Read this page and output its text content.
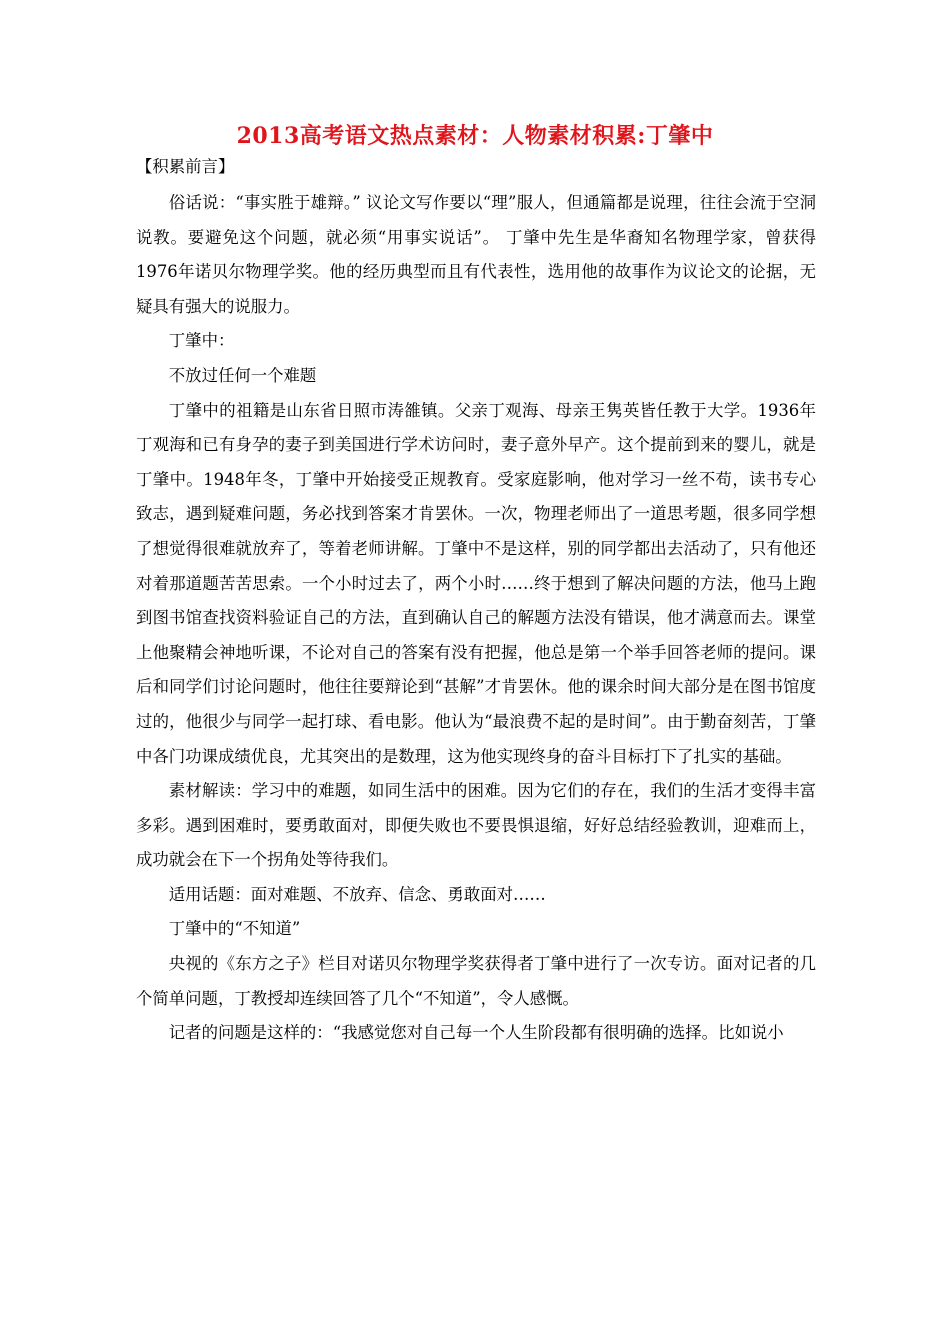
2013高考语文热点素材：人物素材积累:丁肇中

【积累前言】

俗话说：“事实胜于雄辩。” 议论文写作要以“理”服人，但通篇都是说理，往往会流于空洞说教。要避免这个问题，就必须“用事实说话”。 丁肇中先生是华裔知名物理学家，曾获得1976年诺贝尔物理学奖。他的经历典型而且有代表性，选用他的故事作为议论文的论据，无疑具有强大的说服力。

丁肇中：

不放过任何一个难题

丁肇中的祖籍是山东省日照市涛雒镇。父亲丁观海、母亲王隽英皆任教于大学。1936年丁观海和已有身孕的妻子到美国进行学术访问时，妻子意外早产。这个提前到来的婴儿，就是丁肇中。1948年冬，丁肇中开始接受正规教育。受家庭影响，他对学习一丝不苟，读书专心致志，遇到疑难问题，务必找到答案才肯罢休。一次，物理老师出了一道思考题，很多同学想了想觉得很难就放弃了，等着老师讲解。丁肇中不是这样，别的同学都出去活动了，只有他还对着那道题苦苦思索。一个小时过去了，两个小时……终于想到了解决问题的方法，他马上跑到图书馆查找资料验证自己的方法，直到确认自己的解题方法没有错误，他才满意而去。课堂上他聚精会神地听课，不论对自己的答案有没有把握，他总是第一个举手回答老师的提问。课后和同学们讨论问题时，他往往要辩论到“甚解”才肯罢休。他的课余时间大部分是在图书馆度过的，他很少与同学一起打球、看电影。他认为“最浪费不起的是时间”。由于勤奋刻苦，丁肇中各门功课成绩优良，尤其突出的是数理，这为他实现终身的奋斗目标打下了扎实的基础。

素材解读：学习中的难题，如同生活中的困难。因为它们的存在，我们的生活才变得丰富多彩。遇到困难时，要勇敢面对，即便失败也不要畏惧退缩，好好总结经验教训，迎难而上，成功就会在下一个拐角处等待我们。

适用话题：面对难题、不放弃、信念、勇敢面对……

丁肇中的“不知道”

央视的《东方之子》栏目对诺贝尔物理学奖获得者丁肇中进行了一次专访。面对记者的几个简单问题，丁教授却连续回答了几个“不知道”，令人感慨。

记者的问题是这样的：“我感觉您对自己每一个人生阶段都有很明确的选择。比如说小
